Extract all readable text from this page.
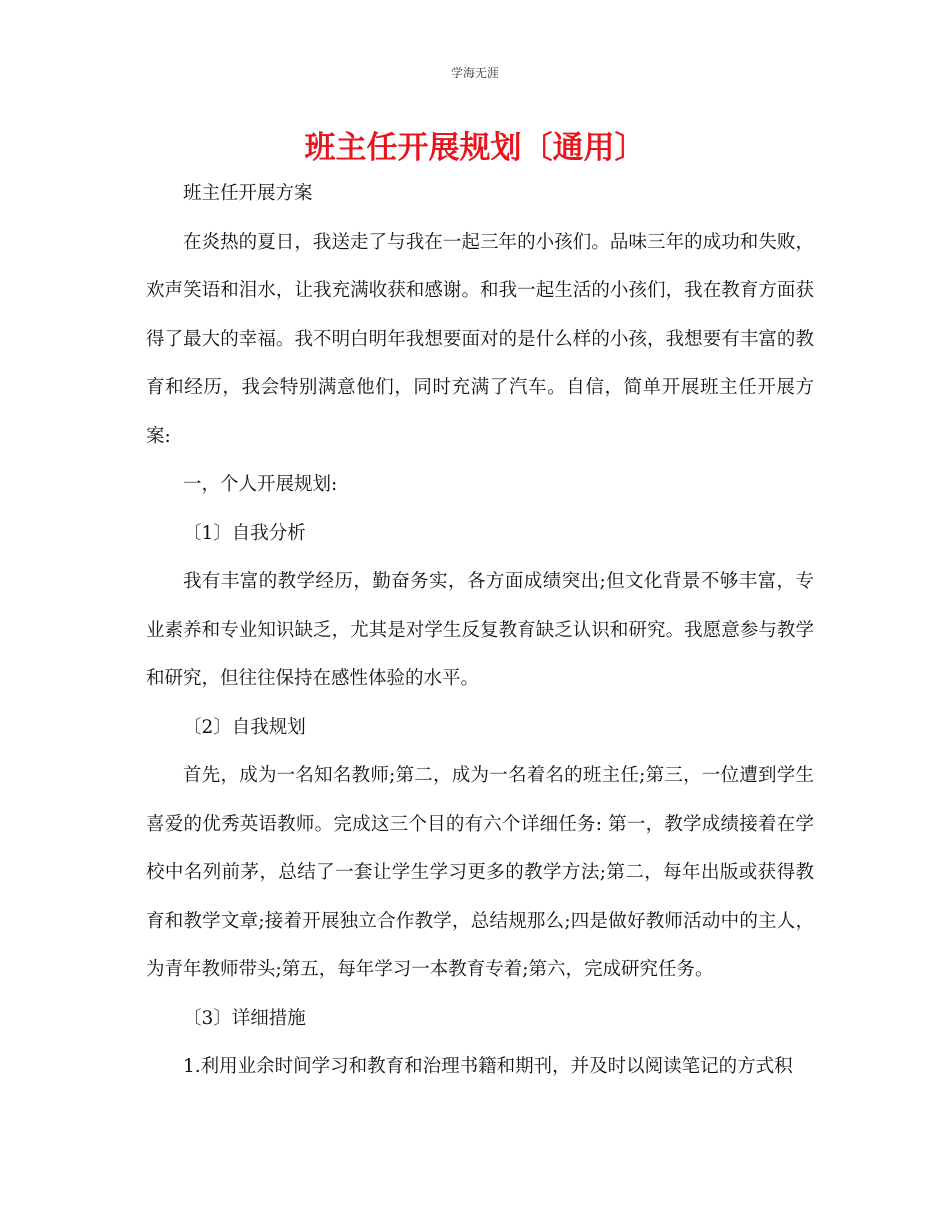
学海无涯
班主任开展规划〔通用〕

班主任开展方案

在炎热的夏日，我送走了与我在一起三年的小孩们。品味三年的成功和失败，欢声笑语和泪水，让我充满收获和感谢。和我一起生活的小孩们，我在教育方面获得了最大的幸福。我不明白明年我想要面对的是什么样的小孩，我想要有丰富的教育和经历，我会特别满意他们，同时充满了汽车。自信，简单开展班主任开展方案:

一，个人开展规划:

〔1〕自我分析

我有丰富的教学经历，勤奋务实，各方面成绩突出;但文化背景不够丰富，专业素养和专业知识缺乏，尤其是对学生反复教育缺乏认识和研究。我愿意参与教学和研究，但往往保持在感性体验的水平。

〔2〕自我规划

首先，成为一名知名教师;第二，成为一名着名的班主任;第三，一位遭到学生喜爱的优秀英语教师。完成这三个目的有六个详细任务: 第一，教学成绩接着在学校中名列前茅，总结了一套让学生学习更多的教学方法;第二，每年出版或获得教育和教学文章;接着开展独立合作教学，总结规那么;四是做好教师活动中的主人，为青年教师带头;第五，每年学习一本教育专着;第六，完成研究任务。

〔3〕详细措施

1.利用业余时间学习和教育和治理书籍和期刊，并及时以阅读笔记的方式积
